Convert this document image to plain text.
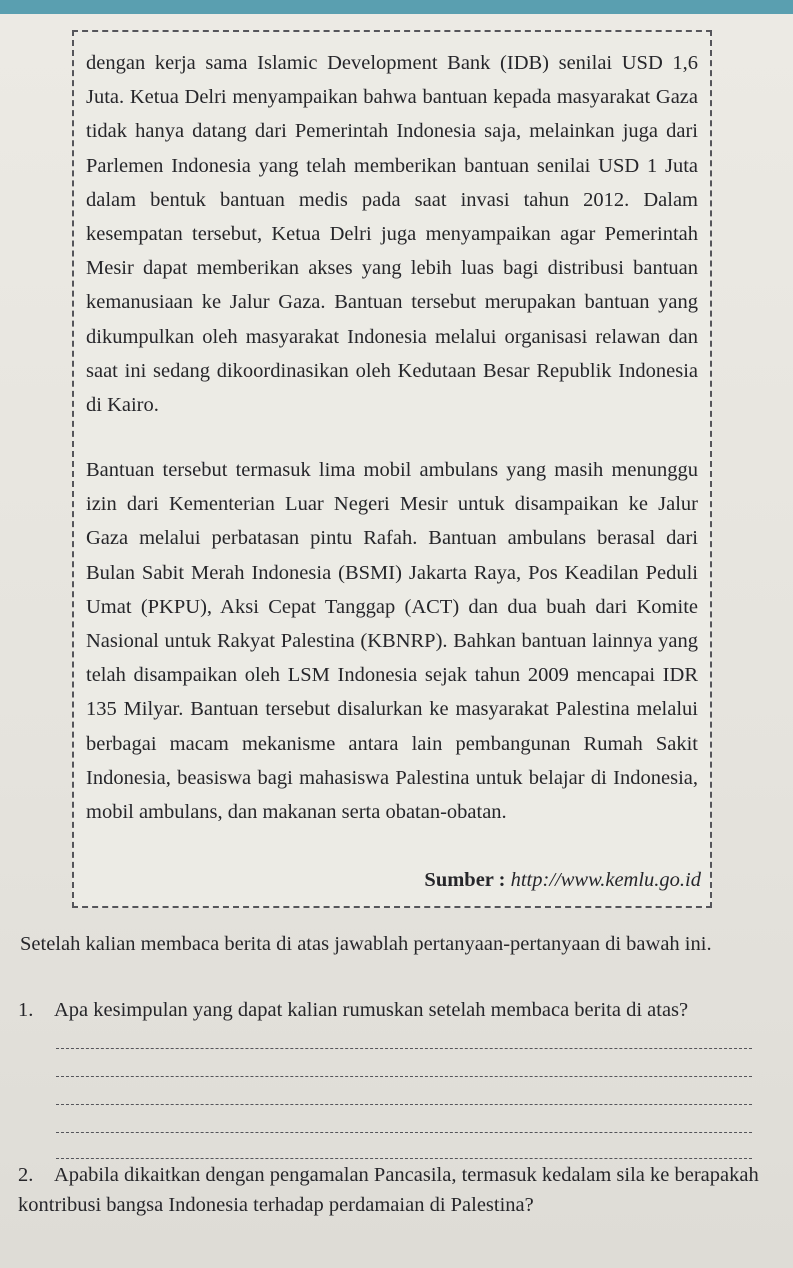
dengan kerja sama Islamic Development Bank (IDB) senilai USD 1,6 Juta. Ketua Delri menyampaikan bahwa bantuan kepada masyarakat Gaza tidak hanya datang dari Pemerintah Indonesia saja, melainkan juga dari Parlemen Indonesia yang telah memberikan bantuan senilai USD 1 Juta dalam bentuk bantuan medis pada saat invasi tahun 2012. Dalam kesempatan tersebut, Ketua Delri juga menyampaikan agar Pemerintah Mesir dapat memberikan akses yang lebih luas bagi distribusi bantuan kemanusiaan ke Jalur Gaza. Bantuan tersebut merupakan bantuan yang dikumpulkan oleh masyarakat Indonesia melalui organisasi relawan dan saat ini sedang dikoordinasikan oleh Kedutaan Besar Republik Indonesia di Kairo.

Bantuan tersebut termasuk lima mobil ambulans yang masih menunggu izin dari Kementerian Luar Negeri Mesir untuk disampaikan ke Jalur Gaza melalui perbatasan pintu Rafah. Bantuan ambulans berasal dari Bulan Sabit Merah Indonesia (BSMI) Jakarta Raya, Pos Keadilan Peduli Umat (PKPU), Aksi Cepat Tanggap (ACT) dan dua buah dari Komite Nasional untuk Rakyat Palestina (KBNRP). Bahkan bantuan lainnya yang telah disampaikan oleh LSM Indonesia sejak tahun 2009 mencapai IDR 135 Milyar. Bantuan tersebut disalurkan ke masyarakat Palestina melalui berbagai macam mekanisme antara lain pembangunan Rumah Sakit Indonesia, beasiswa bagi mahasiswa Palestina untuk belajar di Indonesia, mobil ambulans, dan makanan serta obatan-obatan.

Sumber : http://www.kemlu.go.id

Setelah kalian membaca berita di atas jawablah pertanyaan-pertanyaan di bawah ini.

1. Apa kesimpulan yang dapat kalian rumuskan setelah membaca berita di atas?
2. Apabila dikaitkan dengan pengamalan Pancasila, termasuk kedalam sila ke berapakah kontribusi bangsa Indonesia terhadap perdamaian di Palestina?
